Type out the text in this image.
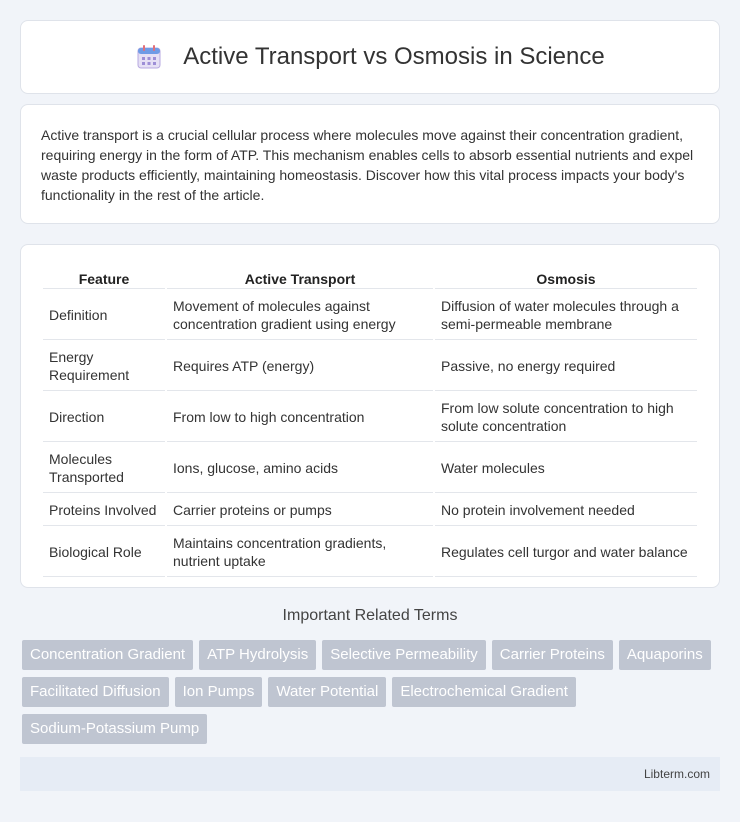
Active Transport vs Osmosis in Science

Active transport is a crucial cellular process where molecules move against their concentration gradient, requiring energy in the form of ATP. This mechanism enables cells to absorb essential nutrients and expel waste products efficiently, maintaining homeostasis. Discover how this vital process impacts your body's functionality in the rest of the article.

Feature	Active Transport	Osmosis
Definition	Movement of molecules against concentration gradient using energy	Diffusion of water molecules through a semi-permeable membrane
Energy Requirement	Requires ATP (energy)	Passive, no energy required
Direction	From low to high concentration	From low solute concentration to high solute concentration
Molecules Transported	Ions, glucose, amino acids	Water molecules
Proteins Involved	Carrier proteins or pumps	No protein involvement needed
Biological Role	Maintains concentration gradients, nutrient uptake	Regulates cell turgor and water balance
Important Related Terms
Concentration Gradient	ATP Hydrolysis	Selective Permeability	Carrier Proteins	Aquaporins
Facilitated Diffusion	Ion Pumps	Water Potential	Electrochemical Gradient
Sodium-Potassium Pump
Libterm.com
